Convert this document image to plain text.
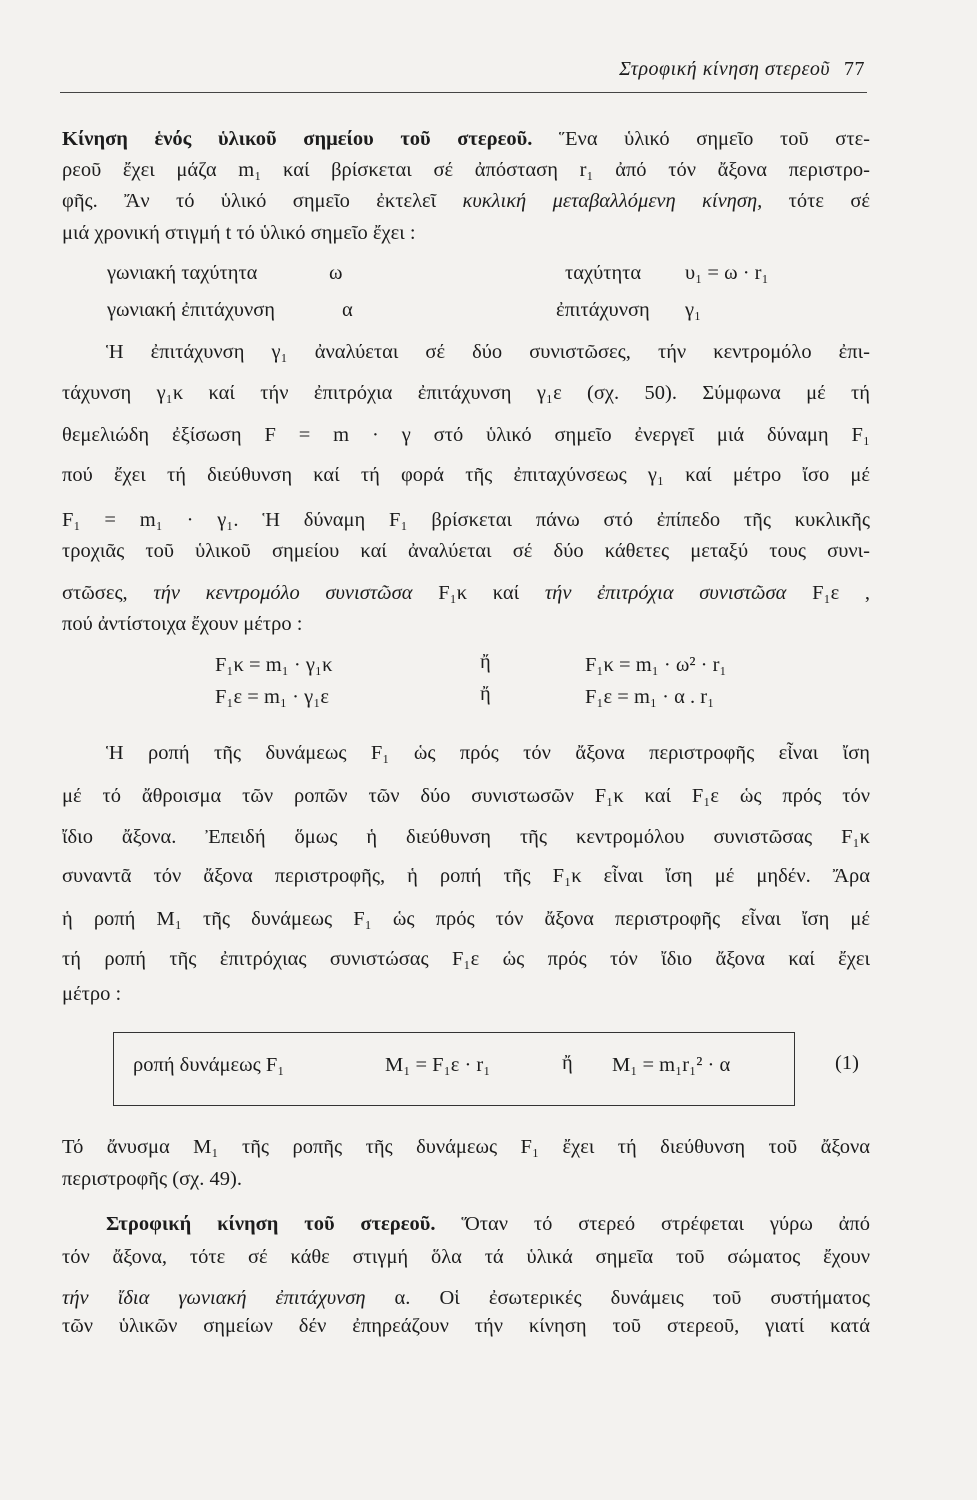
Στροφική κίνηση στερεοῦ 77
Κίνηση ἑνός ὑλικοῦ σημείου τοῦ στερεοῦ. Ἕνα ὑλικό σημεῖο τοῦ στε-
ρεοῦ ἔχει μάζα m₁ καί βρίσκεται σέ ἀπόσταση r₁ ἀπό τόν ἄξονα περιστρο-
φῆς. Ἄν τό ὑλικό σημεῖο ἐκτελεῖ κυκλική μεταβαλλόμενη κίνηση, τότε σέ
μιά χρονική στιγμή t τό ὑλικό σημεῖο ἔχει :
γωνιακή ταχύτητα	ω	ταχύτητα υ₁ = ω · r₁
γωνιακή ἐπιτάχυνση	α	ἐπιτάχυνση γ₁
Ἡ ἐπιτάχυνση γ₁ ἀναλύεται σέ δύο συνιστῶσες, τήν κεντρομόλο ἐπι-
τάχυνση γ₁κ καί τήν ἐπιτρόχια ἐπιτάχυνση γ₁ε (σχ. 50). Σύμφωνα μέ τή
θεμελιώδη ἐξίσωση F = m · γ στό ὑλικό σημεῖο ἐνεργεῖ μιά δύναμη F₁
πού ἔχει τή διεύθυνση καί τή φορά τῆς ἐπιταχύνσεως γ₁ καί μέτρο ἴσο μέ
F₁ = m₁ · γ₁. Ἡ δύναμη F₁ βρίσκεται πάνω στό ἐπίπεδο τῆς κυκλικῆς
τροχιᾶς τοῦ ὑλικοῦ σημείου καί ἀναλύεται σέ δύο κάθετες μεταξύ τους συνι-
στῶσες, τήν κεντρομόλο συνιστῶσα F₁κ καί τήν ἐπιτρόχια συνιστῶσα F₁ε ,
πού ἀντίστοιχα ἔχουν μέτρο :
F₁κ = m₁ · γ₁κ	ἤ	F₁κ = m₁ · ω² · r₁
F₁ε = m₁ · γ₁ε	ἤ	F₁ε = m₁ · α . r₁
Ἡ ροπή τῆς δυνάμεως F₁ ὡς πρός τόν ἄξονα περιστροφῆς εἶναι ἴση
μέ τό ἄθροισμα τῶν ροπῶν τῶν δύο συνιστωσῶν F₁κ καί F₁ε ὡς πρός τόν
ἴδιο ἄξονα. Ἐπειδή ὅμως ἡ διεύθυνση τῆς κεντρομόλου συνιστῶσας F₁κ
συναντᾶ τόν ἄξονα περιστροφῆς, ἡ ροπή τῆς F₁κ εἶναι ἴση μέ μηδέν. Ἄρα
ἡ ροπή M₁ τῆς δυνάμεως F₁ ὡς πρός τόν ἄξονα περιστροφῆς εἶναι ἴση μέ
τή ροπή τῆς ἐπιτρόχιας συνιστώσας F₁ε ὡς πρός τόν ἴδιο ἄξονα καί ἔχει
μέτρο :
ροπή δυνάμεως F₁	M₁ = F₁ε · r₁	ἤ M₁ = m₁r₁² · α	(1)
Τό ἄνυσμα M₁ τῆς ροπῆς τῆς δυνάμεως F₁ ἔχει τή διεύθυνση τοῦ ἄξονα
περιστροφῆς (σχ. 49).
Στροφική κίνηση τοῦ στερεοῦ. Ὅταν τό στερεό στρέφεται γύρω ἀπό
τόν ἄξονα, τότε σέ κάθε στιγμή ὅλα τά ὑλικά σημεῖα τοῦ σώματος ἔχουν
τήν ἴδια γωνιακή ἐπιτάχυνση α. Οἱ ἐσωτερικές δυνάμεις τοῦ συστήματος
τῶν ὑλικῶν σημείων δέν ἐπηρεάζουν τήν κίνηση τοῦ στερεοῦ, γιατί κατά
